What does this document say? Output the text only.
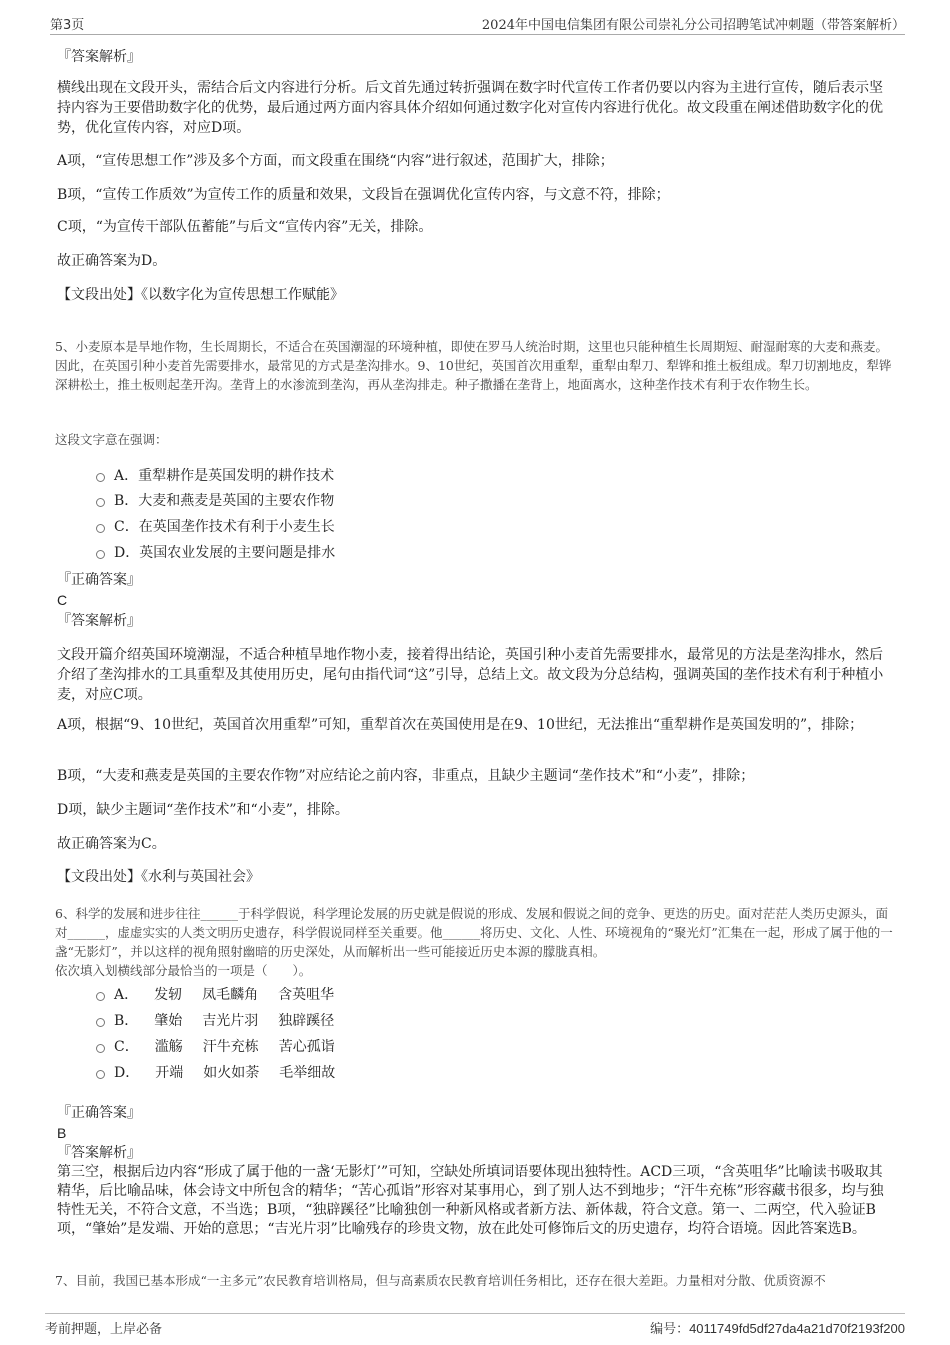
第3页	2024年中国电信集团有限公司崇礼分公司招聘笔试冲刺题（带答案解析）

『答案解析』

横线出现在文段开头，需结合后文内容进行分析。后文首先通过转折强调在数字时代宣传工作者仍要以内容为主进行宣传，随后表示坚持内容为王要借助数字化的优势，最后通过两方面内容具体介绍如何通过数字化对宣传内容进行优化。故文段重在阐述借助数字化的优势，优化宣传内容，对应D项。

A项，“宣传思想工作”涉及多个方面，而文段重在围绕“内容”进行叙述，范围扩大，排除；

B项，“宣传工作质效”为宣传工作的质量和效果，文段旨在强调优化宣传内容，与文意不符，排除；

C项，“为宣传干部队伍蓄能”与后文“宣传内容”无关，排除。

故正确答案为D。

【文段出处】《以数字化为宣传思想工作赋能》

5、小麦原本是旱地作物，生长周期长，不适合在英国潮湿的环境种植，即使在罗马人统治时期，这里也只能种植生长周期短、耐湿耐寒的大麦和燕麦。因此，在英国引种小麦首先需要排水，最常见的方式是垄沟排水。9、10世纪，英国首次用重犁，重犁由犁刀、犁铧和推土板组成。犁刀切割地皮，犁铧深耕松土，推土板则起垄开沟。垄背上的水渗流到垄沟，再从垄沟排走。种子撒播在垄背上，地面离水，这种垄作技术有利于农作物生长。

这段文字意在强调：

A．重犁耕作是英国发明的耕作技术
B．大麦和燕麦是英国的主要农作物
C．在英国垄作技术有利于小麦生长
D．英国农业发展的主要问题是排水

『正确答案』

C

『答案解析』

文段开篇介绍英国环境潮湿，不适合种植旱地作物小麦，接着得出结论，英国引种小麦首先需要排水，最常见的方法是垄沟排水，然后介绍了垄沟排水的工具重犁及其使用历史，尾句由指代词“这”引导，总结上文。故文段为分总结构，强调英国的垄作技术有利于种植小麦，对应C项。

A项，根据“9、10世纪，英国首次用重犁”可知，重犁首次在英国使用是在9、10世纪，无法推出“重犁耕作是英国发明的”，排除；

B项，“大麦和燕麦是英国的主要农作物”对应结论之前内容，非重点，且缺少主题词“垄作技术”和“小麦”，排除；

D项，缺少主题词“垄作技术”和“小麦”，排除。

故正确答案为C。

【文段出处】《水利与英国社会》

6、科学的发展和进步往往______于科学假说，科学理论发展的历史就是假说的形成、发展和假说之间的竞争、更迭的历史。面对茫茫人类历史源头，面对______，虚虚实实的人类文明历史遗存，科学假说同样至关重要。他______将历史、文化、人性、环境视角的“聚光灯”汇集在一起，形成了属于他的一盏“无影灯”，并以这样的视角照射幽暗的历史深处，从而解析出一些可能接近历史本源的朦胧真相。

依次填入划横线部分最恰当的一项是（　　）。

A． 发轫 凤毛麟角 含英咀华
B． 肇始 吉光片羽 独辟蹊径
C． 滥觞 汗牛充栋 苦心孤诣
D． 开端 如火如荼 毛举细故

『正确答案』

B

『答案解析』

第三空，根据后边内容“形成了属于他的一盏‘无影灯’”可知，空缺处所填词语要体现出独特性。ACD三项，“含英咀华”比喻读书吸取其精华，后比喻品味，体会诗文中所包含的精华；“苦心孤诣”形容对某事用心，到了别人达不到地步；“汗牛充栋”形容藏书很多，均与独特性无关，不符合文意，不当选；B项，“独辟蹊径”比喻独创一种新风格或者新方法、新体裁，符合文意。第一、二两空，代入验证B项，“肇始”是发端、开始的意思；“吉光片羽”比喻残存的珍贵文物，放在此处可修饰后文的历史遗存，均符合语境。因此答案选B。

7、目前，我国已基本形成“一主多元”农民教育培训格局，但与高素质农民教育培训任务相比，还存在很大差距。力量相对分散、优质资源不

考前押题，上岸必备	编号：4011749fd5df27da4a21d70f2193f200
